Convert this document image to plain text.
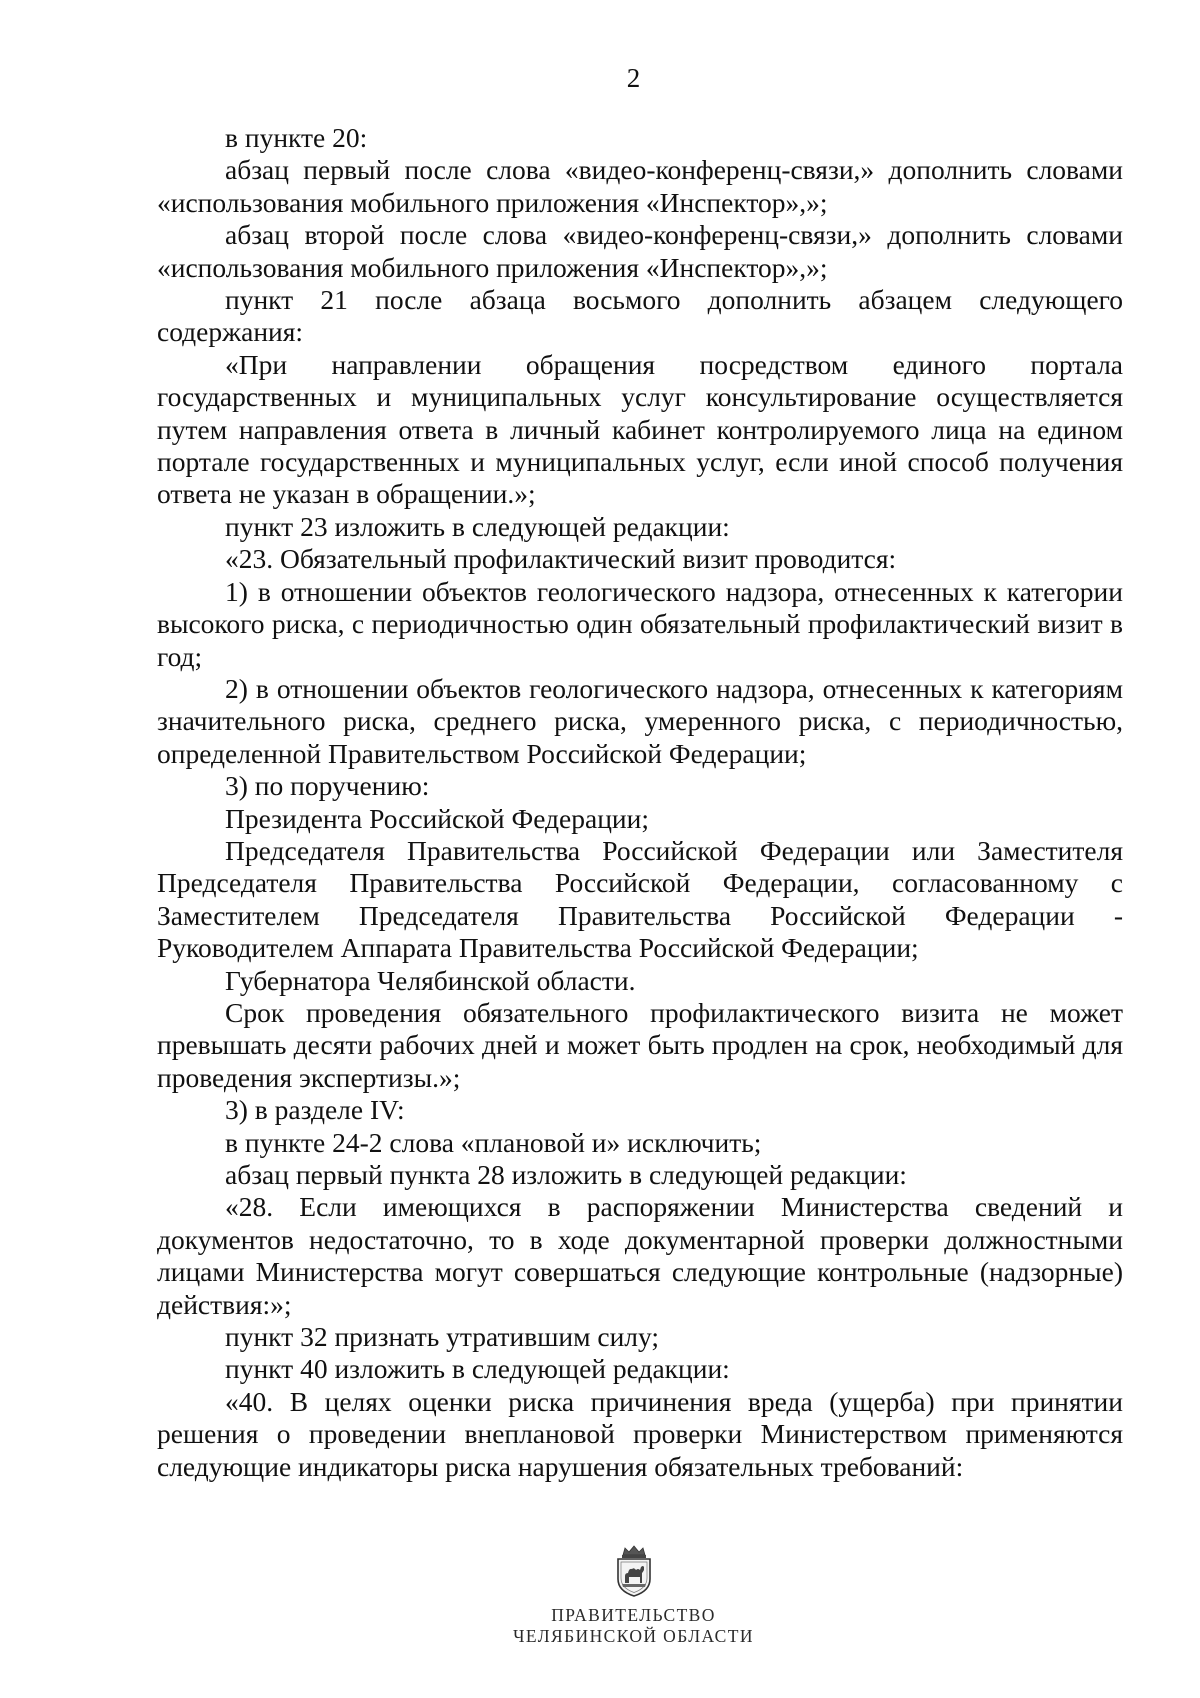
2

в пункте 20:

абзац первый после слова «видео-конференц-связи,» дополнить словами «использования мобильного приложения «Инспектор»,»;

абзац второй после слова «видео-конференц-связи,» дополнить словами «использования мобильного приложения «Инспектор»,»;

пункт 21 после абзаца восьмого дополнить абзацем следующего содержания:

«При направлении обращения посредством единого портала государственных и муниципальных услуг консультирование осуществляется путем направления ответа в личный кабинет контролируемого лица на едином портале государственных и муниципальных услуг, если иной способ получения ответа не указан в обращении.»;

пункт 23 изложить в следующей редакции:

«23. Обязательный профилактический визит проводится:

1) в отношении объектов геологического надзора, отнесенных к категории высокого риска, с периодичностью один обязательный профилактический визит в год;

2) в отношении объектов геологического надзора, отнесенных к категориям значительного риска, среднего риска, умеренного риска, с периодичностью, определенной Правительством Российской Федерации;

3) по поручению:

Президента Российской Федерации;

Председателя Правительства Российской Федерации или Заместителя Председателя Правительства Российской Федерации, согласованному с Заместителем Председателя Правительства Российской Федерации - Руководителем Аппарата Правительства Российской Федерации;

Губернатора Челябинской области.

Срок проведения обязательного профилактического визита не может превышать десяти рабочих дней и может быть продлен на срок, необходимый для проведения экспертизы.»;

3) в разделе IV:

в пункте 24-2 слова «плановой и» исключить;

абзац первый пункта 28 изложить в следующей редакции:

«28. Если имеющихся в распоряжении Министерства сведений и документов недостаточно, то в ходе документарной проверки должностными лицами Министерства могут совершаться следующие контрольные (надзорные) действия:»;

пункт 32 признать утратившим силу;

пункт 40 изложить в следующей редакции:

«40. В целях оценки риска причинения вреда (ущерба) при принятии решения о проведении внеплановой проверки Министерством применяются следующие индикаторы риска нарушения обязательных требований:

ПРАВИТЕЛЬСТВО
ЧЕЛЯБИНСКОЙ ОБЛАСТИ
